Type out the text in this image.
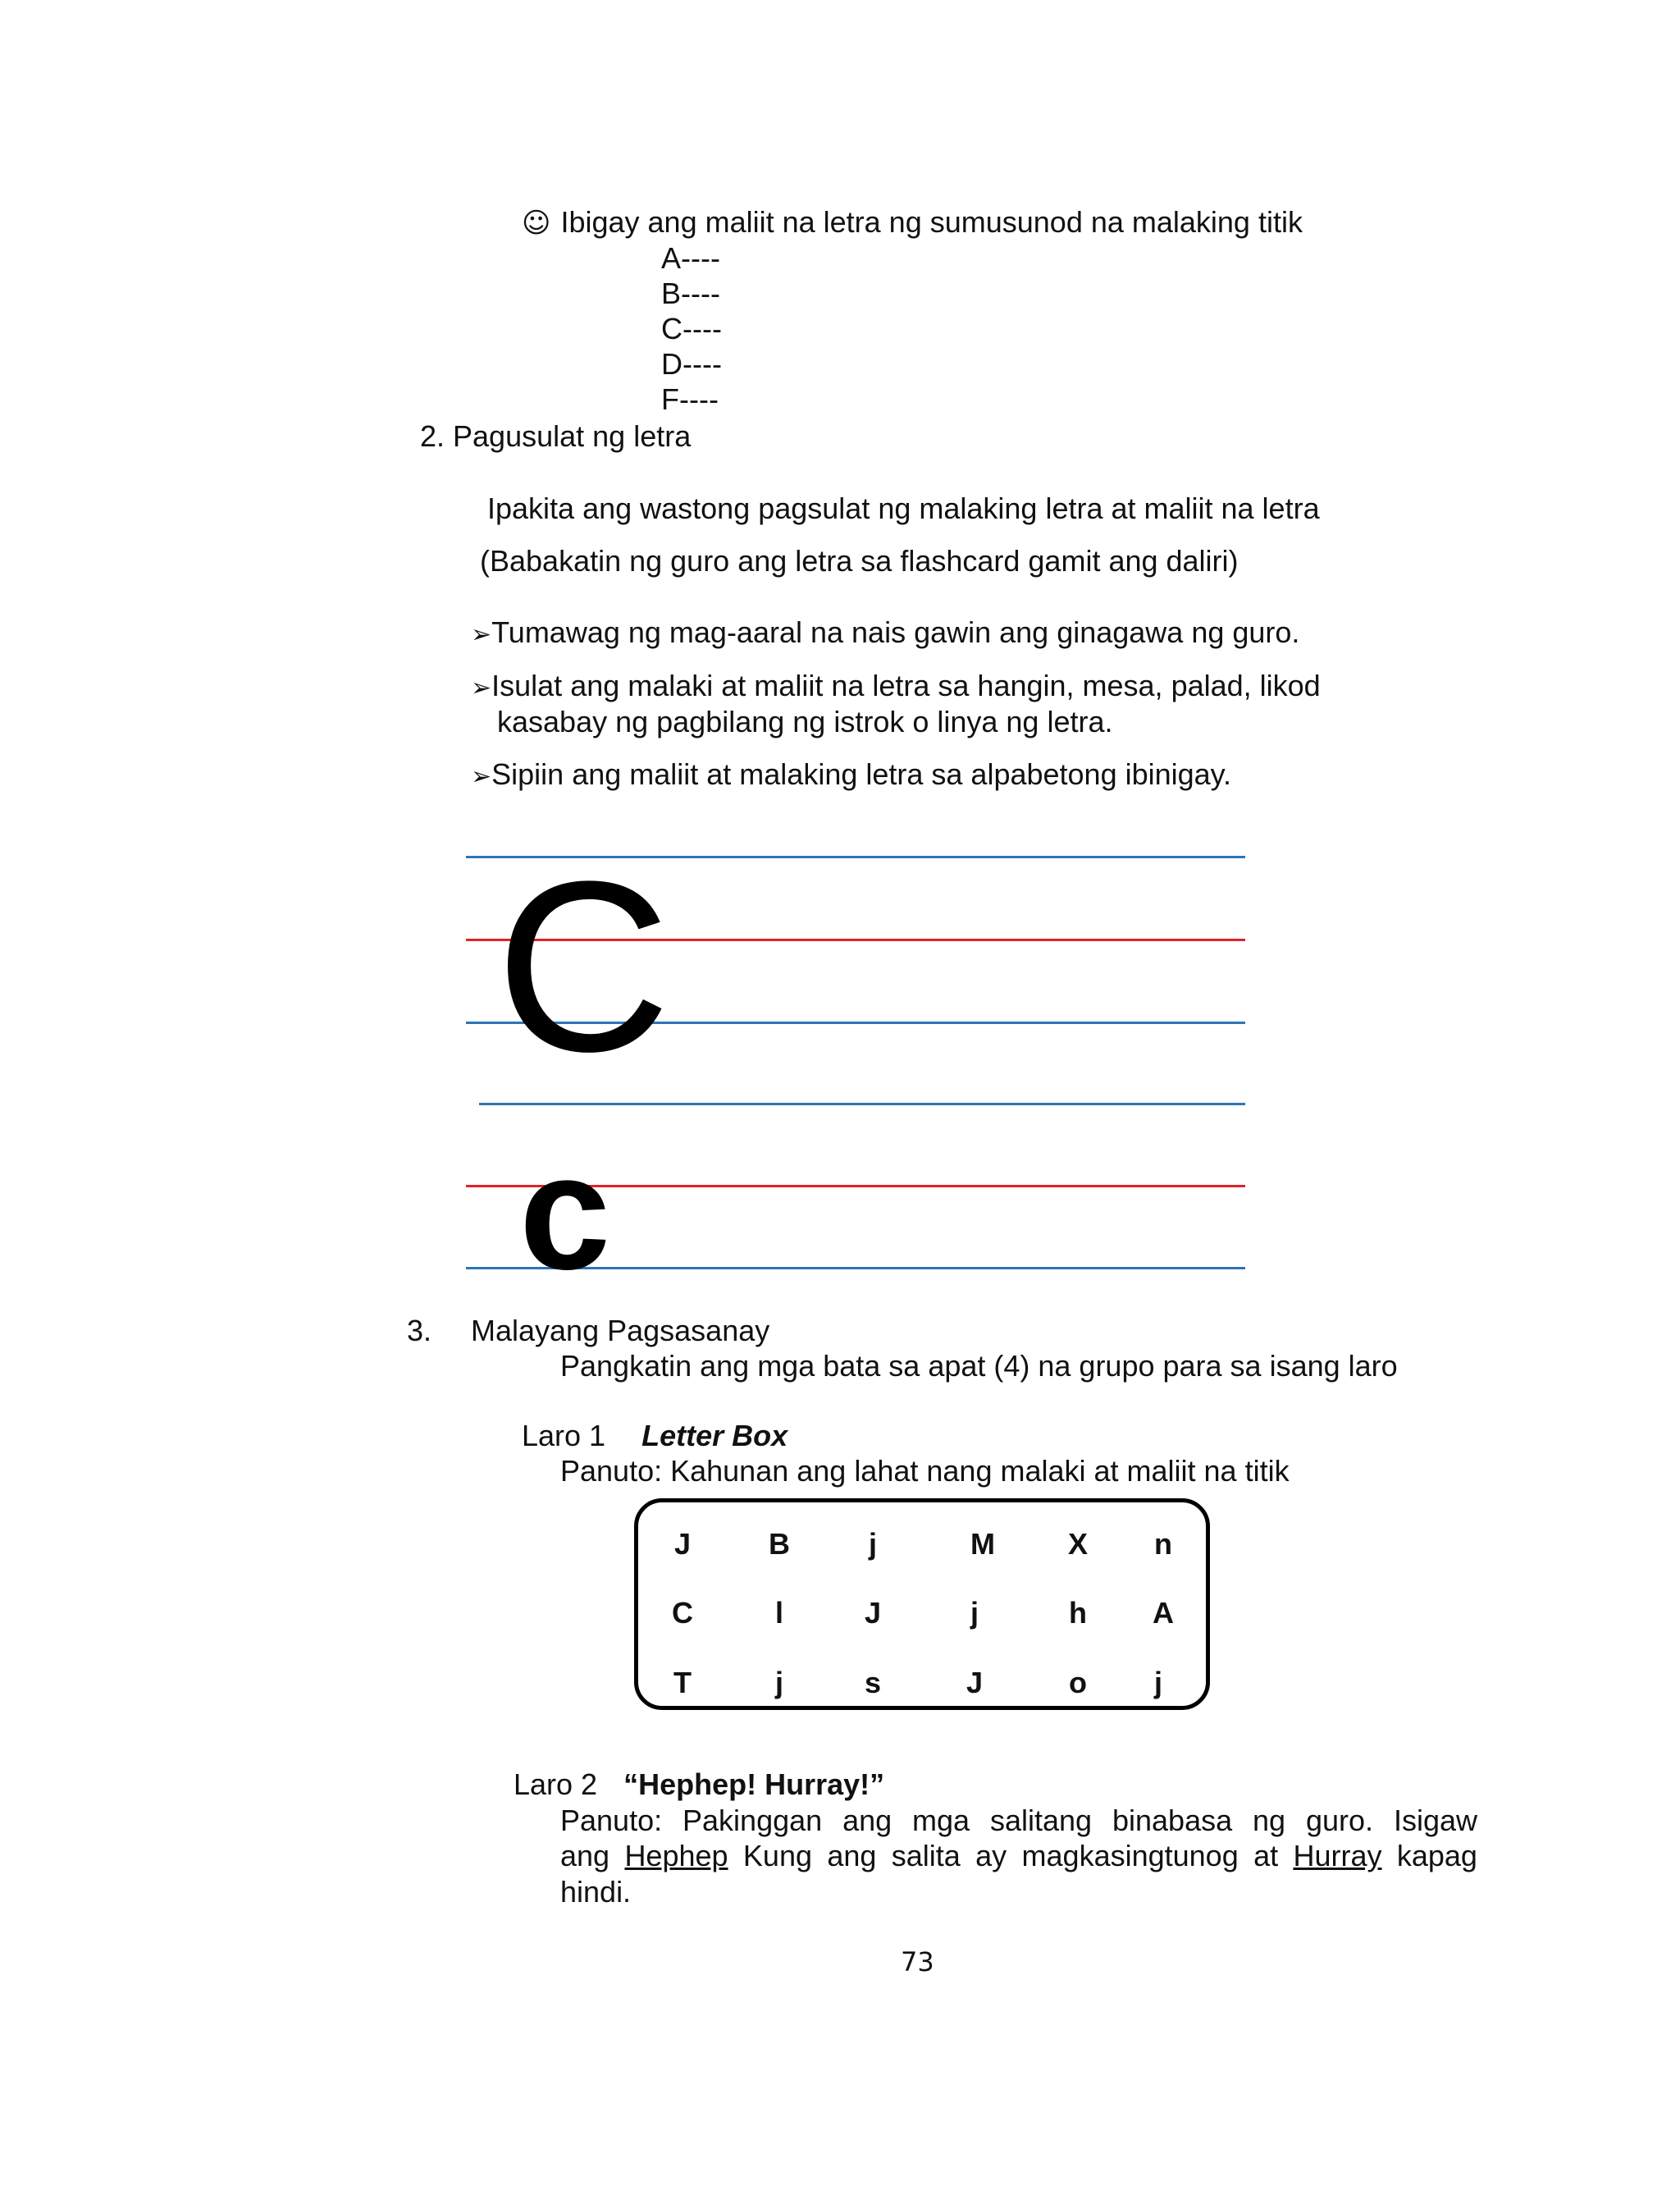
☺ Ibigay ang maliit na letra ng sumusunod na malaking titik
A----
B----
C----
D----
F----
2. Pagusulat ng letra
Ipakita ang wastong pagsulat ng malaking letra at maliit na letra
(Babakatin ng guro ang letra sa flashcard gamit ang daliri)
➢Tumawag ng mag-aaral na nais gawin ang ginagawa ng guro.
➢Isulat ang malaki at maliit na letra sa hangin, mesa, palad, likod
kasabay ng pagbilang ng istrok o linya ng letra.
➢Sipiin ang maliit at malaking letra sa alpabetong ibinigay.
C
c
3. Malayang Pagsasanay
Pangkatin ang mga bata sa apat (4) na grupo para sa isang laro
Laro 1 Letter Box
Panuto: Kahunan ang lahat nang malaki at maliit na titik
J	B	j	M	X	n
C	l	J	j	h	A
T	j	s	J	o	j
Laro 2 “Hephep! Hurray!”
Panuto: Pakinggan ang mga salitang binabasa ng guro. Isigaw
ang Hephep Kung ang salita ay magkasingtunog at Hurray kapag
hindi.
73
